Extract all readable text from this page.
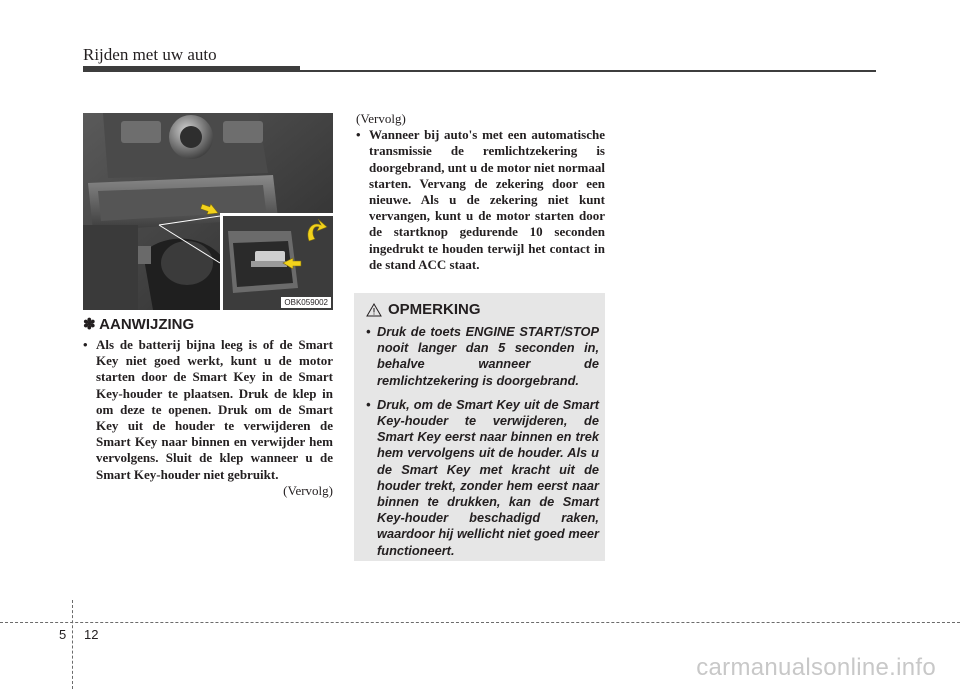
Rijden met uw auto
OBK059002
✽ AANWIJZING
• Als de batterij bijna leeg is of de Smart Key niet goed werkt, kunt u de motor starten door de Smart Key in de Smart Key-houder te plaatsen. Druk de klep in om deze te openen. Druk om de Smart Key uit de houder te verwijderen de Smart Key naar binnen en verwijder hem vervolgens. Sluit de klep wanneer u de Smart Key-houder niet gebruikt.
(Vervolg)
(Vervolg)
• Wanneer bij auto's met een automatische transmissie de remlichtzekering is doorgebrand, unt u de motor niet normaal starten. Vervang de zekering door een nieuwe. Als u de zekering niet kunt vervangen, kunt u de motor starten door de startknop gedurende 10 seconden ingedrukt te houden terwijl het contact in de stand ACC staat.
OPMERKING
• Druk de toets ENGINE START/STOP nooit langer dan 5 seconden in, behalve wanneer de remlichtzekering is doorgebrand.
• Druk, om de Smart Key uit de Smart Key-houder te verwijderen, de Smart Key eerst naar binnen en trek hem vervolgens uit de houder. Als u de Smart Key met kracht uit de houder trekt, zonder hem eerst naar binnen te drukken, kan de Smart Key-houder beschadigd raken, waardoor hij wellicht niet goed meer functioneert.
5 12
carmanualsonline.info
